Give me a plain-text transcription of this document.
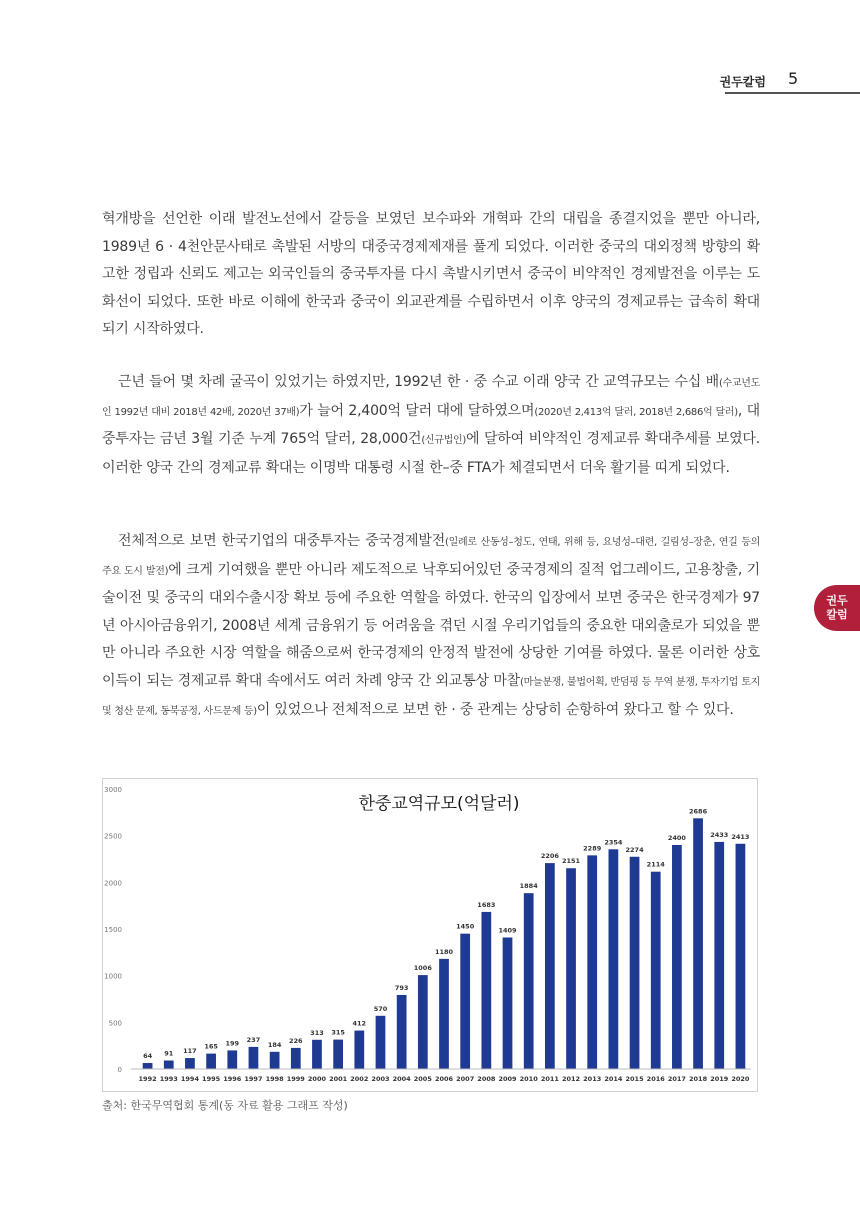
권두칼럼 5
권두
칼럼

혁개방을 선언한 이래 발전노선에서 갈등을 보였던 보수파와 개혁파 간의 대립을 종결지었을 뿐만 아니라, 1989년 6 · 4천안문사태로 촉발된 서방의 대중국경제제재를 풀게 되었다. 이러한 중국의 대외정책 방향의 확고한 정립과 신뢰도 제고는 외국인들의 중국투자를 다시 촉발시키면서 중국이 비약적인 경제발전을 이루는 도화선이 되었다. 또한 바로 이해에 한국과 중국이 외교관계를 수립하면서 이후 양국의 경제교류는 급속히 확대되기 시작하였다.

근년 들어 몇 차례 굴곡이 있었기는 하였지만, 1992년 한 · 중 수교 이래 양국 간 교역규모는 수십 배(수교년도인 1992년 대비 2018년 42배, 2020년 37배)가 늘어 2,400억 달러 대에 달하였으며(2020년 2,413억 달러, 2018년 2,686억 달러), 대중투자는 금년 3월 기준 누계 765억 달러, 28,000건(신규법인)에 달하여 비약적인 경제교류 확대추세를 보였다. 이러한 양국 간의 경제교류 확대는 이명박 대통령 시절 한–중 FTA가 체결되면서 더욱 활기를 띠게 되었다.

전체적으로 보면 한국기업의 대중투자는 중국경제발전(일례로 산동성–청도, 연태, 위해 등, 요녕성–대련, 길림성–장춘, 연길 등의 주요 도시 발전)에 크게 기여했을 뿐만 아니라 제도적으로 낙후되어있던 중국경제의 질적 업그레이드, 고용창출, 기술이전 및 중국의 대외수출시장 확보 등에 주요한 역할을 하였다. 한국의 입장에서 보면 중국은 한국경제가 97년 아시아금융위기, 2008년 세계 금융위기 등 어려움을 겪던 시절 우리기업들의 중요한 대외출로가 되었을 뿐만 아니라 주요한 시장 역할을 해줌으로써 한국경제의 안정적 발전에 상당한 기여를 하였다. 물론 이러한 상호 이득이 되는 경제교류 확대 속에서도 여러 차례 양국 간 외교통상 마찰(마늘분쟁, 불법어획, 반덤핑 등 무역 분쟁, 투자기업 토지 및 청산 문제, 동북공정, 사드문제 등)이 있었으나 전체적으로 보면 한 · 중 관계는 상당히 순항하여 왔다고 할 수 있다.

한중교역규모(억달러)
0
500
1000
1500
2000
2500
3000
64 91 117
165 199 237
184 226
313 315
412
570
793
1006
1180
1450
1683
1409
1884
2206
2151
2289
2354
2274
2114
2400
2686
2433 2413
1992 1993 1994 1995 1996 1997 1998 1999 2000 2001 2002 2003 2004 2005 2006 2007 2008 2009 2010 2011 2012 2013 2014 2015 2016 2017 2018 2019 2020
출처: 한국무역협회 통계(동 자료 활용 그래프 작성)
